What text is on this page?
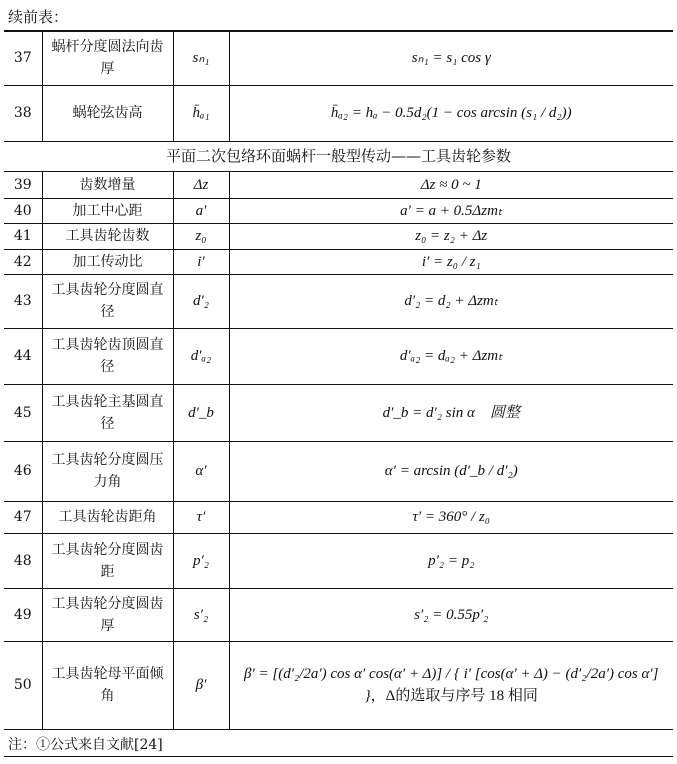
续前表：
37	蜗杆分度圆法向齿厚	sₙ₁	sₙ₁ = s₁ cos γ
38	蜗轮弦齿高	h̄ₐ₁	h̄ₐ₂ = hₐ − 0.5d₂(1 − cos arcsin (s₁ / d₂))
平面二次包络环面蜗杆一般型传动——工具齿轮参数			
39	齿数增量	Δz	Δz ≈ 0 ~ 1
40	加工中心距	a′	a′ = a + 0.5Δzmₜ
41	工具齿轮齿数	z₀	z₀ = z₂ + Δz
42	加工传动比	i′	i′ = z₀ / z₁
43	工具齿轮分度圆直径	d′₂	d′₂ = d₂ + Δzmₜ
44	工具齿轮齿顶圆直径	d′ₐ₂	d′ₐ₂ = dₐ₂ + Δzmₜ
45	工具齿轮主基圆直径	d′_b	d′_b = d′₂ sin α　圆整
46	工具齿轮分度圆压力角	α′	α′ = arcsin (d′_b / d′₂)
47	工具齿轮齿距角	τ′	τ′ = 360° / z₀
48	工具齿轮分度圆齿距	p′₂	p′₂ = p₂
49	工具齿轮分度圆齿厚	s′₂	s′₂ = 0.55p′₂
50	工具齿轮母平面倾角	β′	β′ = [(d′₂/2a′) cos α′ cos(α′ + Δ)] / { i′ [cos(α′ + Δ) − (d′₂/2a′) cos α′] }，Δ的选取与序号 18 相同
注：①公式来自文献[24]
